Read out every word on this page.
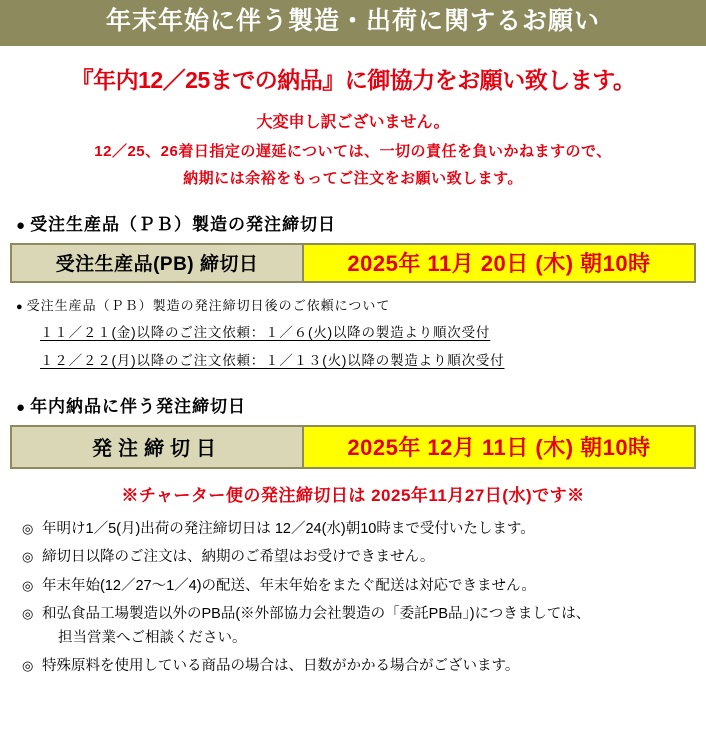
年末年始に伴う製造・出荷に関するお願い
『年内12／25までの納品』に御協力をお願い致します。
大変申し訳ございません。
12／25、26着日指定の遅延については、一切の責任を負いかねますので、
納期には余裕をもってご注文をお願い致します。
● 受注生産品（ＰＢ）製造の発注締切日
受注生産品(PB) 締切日	2025年 11月 20日 (木) 朝10時
● 受注生産品（ＰＢ）製造の発注締切日後のご依頼について
１１／２１(金)以降のご注文依頼：１／６(火)以降の製造より順次受付
１２／２２(月)以降のご注文依頼：１／１３(火)以降の製造より順次受付
● 年内納品に伴う発注締切日
発注締切日	2025年 12月 11日 (木) 朝10時
※チャーター便の発注締切日は 2025年11月27日(水)です※
◎ 年明け1／5(月)出荷の発注締切日は 12／24(水)朝10時まで受付いたします。
◎ 締切日以降のご注文は、納期のご希望はお受けできません。
◎ 年末年始(12／27～1／4)の配送、年末年始をまたぐ配送は対応できません。
◎ 和弘食品工場製造以外のPB品(※外部協力会社製造の「委託PB品」)につきましては、
担当営業へご相談ください。
◎ 特殊原料を使用している商品の場合は、日数がかかる場合がございます。
